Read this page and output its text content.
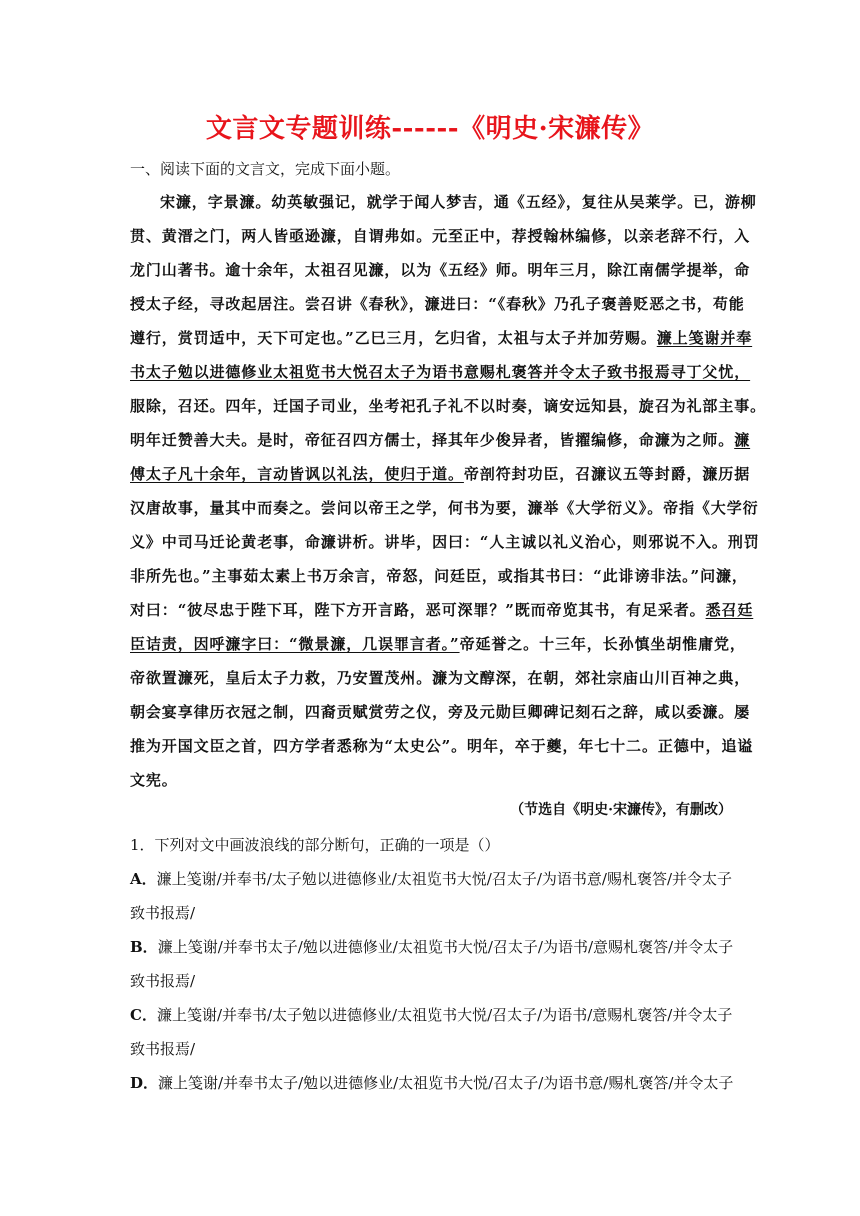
文言文专题训练------《明史·宋濂传》
一、阅读下面的文言文，完成下面小题。
宋濂，字景濂。幼英敏强记，就学于闻人梦吉，通《五经》，复往从吴莱学。已，游柳
贯、黄溍之门，两人皆亟逊濂，自谓弗如。元至正中，荐授翰林编修，以亲老辞不行，入
龙门山著书。逾十余年，太祖召见濂，以为《五经》师。明年三月，除江南儒学提举，命
授太子经，寻改起居注。尝召讲《春秋》，濂进曰：“《春秋》乃孔子褒善贬恶之书，苟能
遵行，赏罚适中，天下可定也。”乙巳三月，乞归省，太祖与太子并加劳赐。濂上笺谢并奉
书太子勉以进德修业太祖览书大悦召太子为语书意赐札褒答并令太子致书报焉寻丁父忧，
服除，召还。四年，迁国子司业，坐考祀孔子礼不以时奏，谪安远知县，旋召为礼部主事。
明年迁赞善大夫。是时，帝征召四方儒士，择其年少俊异者，皆擢编修，命濂为之师。濂
傅太子凡十余年，言动皆讽以礼法，使归于道。帝剖符封功臣，召濂议五等封爵，濂历据
汉唐故事，量其中而奏之。尝问以帝王之学，何书为要，濂举《大学衍义》。帝指《大学衍
义》中司马迁论黄老事，命濂讲析。讲毕，因曰：“人主诚以礼义治心，则邪说不入。刑罚
非所先也。”主事茹太素上书万余言，帝怒，问廷臣，或指其书曰：“此诽谤非法。”问濂，
对曰：“彼尽忠于陛下耳，陛下方开言路，恶可深罪？”既而帝览其书，有足采者。悉召廷
臣诘责，因呼濂字曰：“微景濂，几误罪言者。”帝延誉之。十三年，长孙慎坐胡惟庸党，
帝欲置濂死，皇后太子力救，乃安置茂州。濂为文醇深，在朝，郊社宗庙山川百神之典，
朝会宴享律历衣冠之制，四裔贡赋赏劳之仪，旁及元勋巨卿碑记刻石之辞，咸以委濂。屡
推为开国文臣之首，四方学者悉称为“太史公”。明年，卒于夔，年七十二。正德中，追谥
文宪。
（节选自《明史·宋濂传》，有删改）
1．下列对文中画波浪线的部分断句，正确的一项是（）
A．濂上笺谢/并奉书/太子勉以进德修业/太祖览书大悦/召太子/为语书意/赐札褒答/并令太子
致书报焉/
B．濂上笺谢/并奉书太子/勉以进德修业/太祖览书大悦/召太子/为语书/意赐札褒答/并令太子
致书报焉/
C．濂上笺谢/并奉书/太子勉以进德修业/太祖览书大悦/召太子/为语书/意赐札褒答/并令太子
致书报焉/
D．濂上笺谢/并奉书太子/勉以进德修业/太祖览书大悦/召太子/为语书意/赐札褒答/并令太子
